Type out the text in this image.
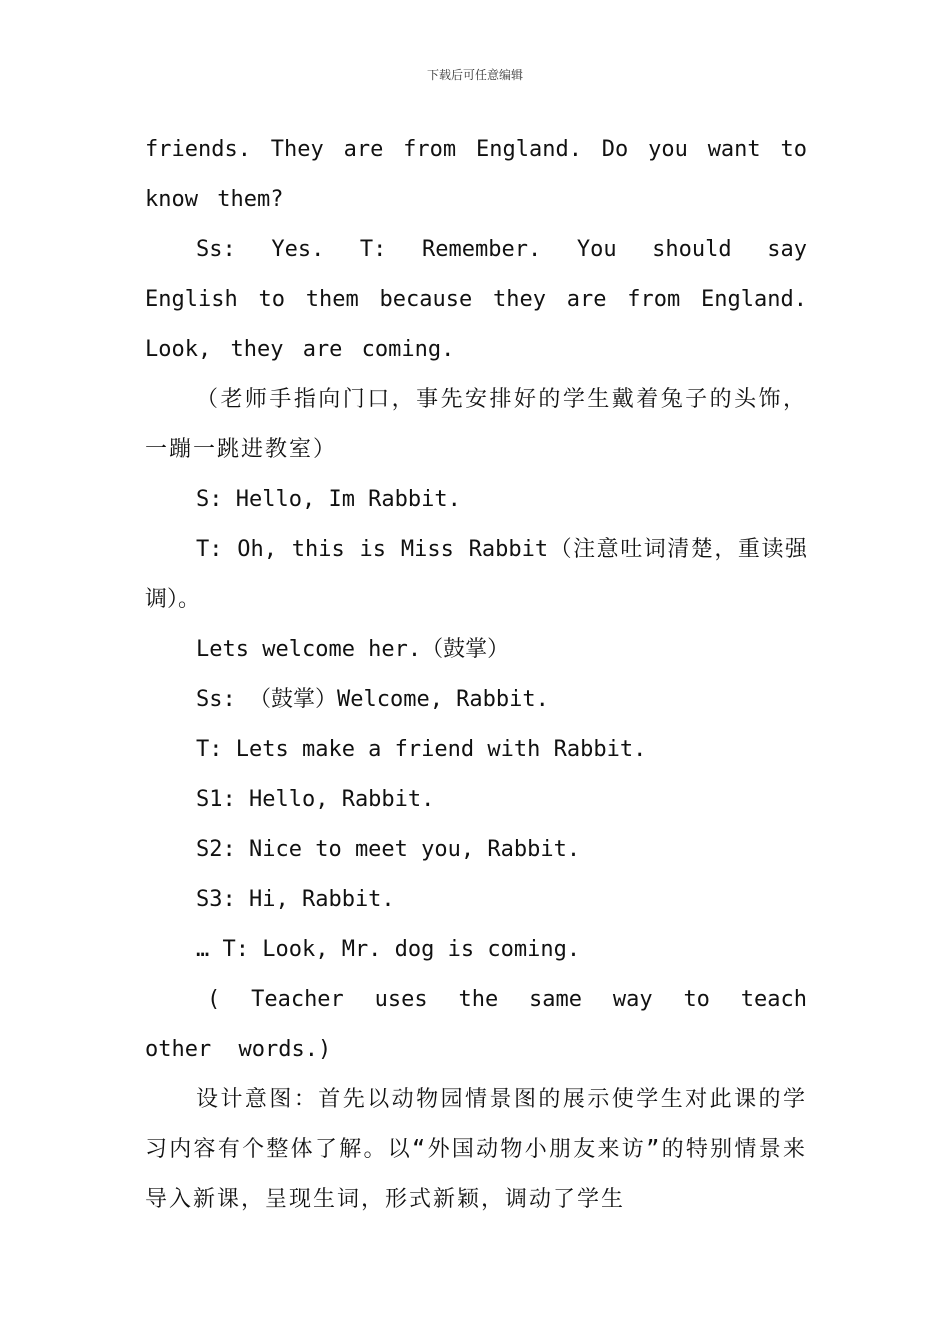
下载后可任意编辑

friends. They are from England. Do you want to know them?

Ss: Yes. T: Remember. You should say English to them because they are from England. Look, they are coming.

（老师手指向门口，事先安排好的学生戴着兔子的头饰，一蹦一跳进教室）

S: Hello, Im Rabbit.

T: Oh, this is Miss Rabbit（注意吐词清楚，重读强调）。

Lets welcome her.（鼓掌）

Ss: （鼓掌）Welcome, Rabbit.

T: Lets make a friend with Rabbit.

S1: Hello, Rabbit.

S2: Nice to meet you, Rabbit.

S3: Hi, Rabbit.

… T: Look, Mr. dog is coming.

( Teacher uses the same way to teach other words.)

设计意图：首先以动物园情景图的展示使学生对此课的学习内容有个整体了解。以“外国动物小朋友来访”的特别情景来导入新课，呈现生词，形式新颖，调动了学生
